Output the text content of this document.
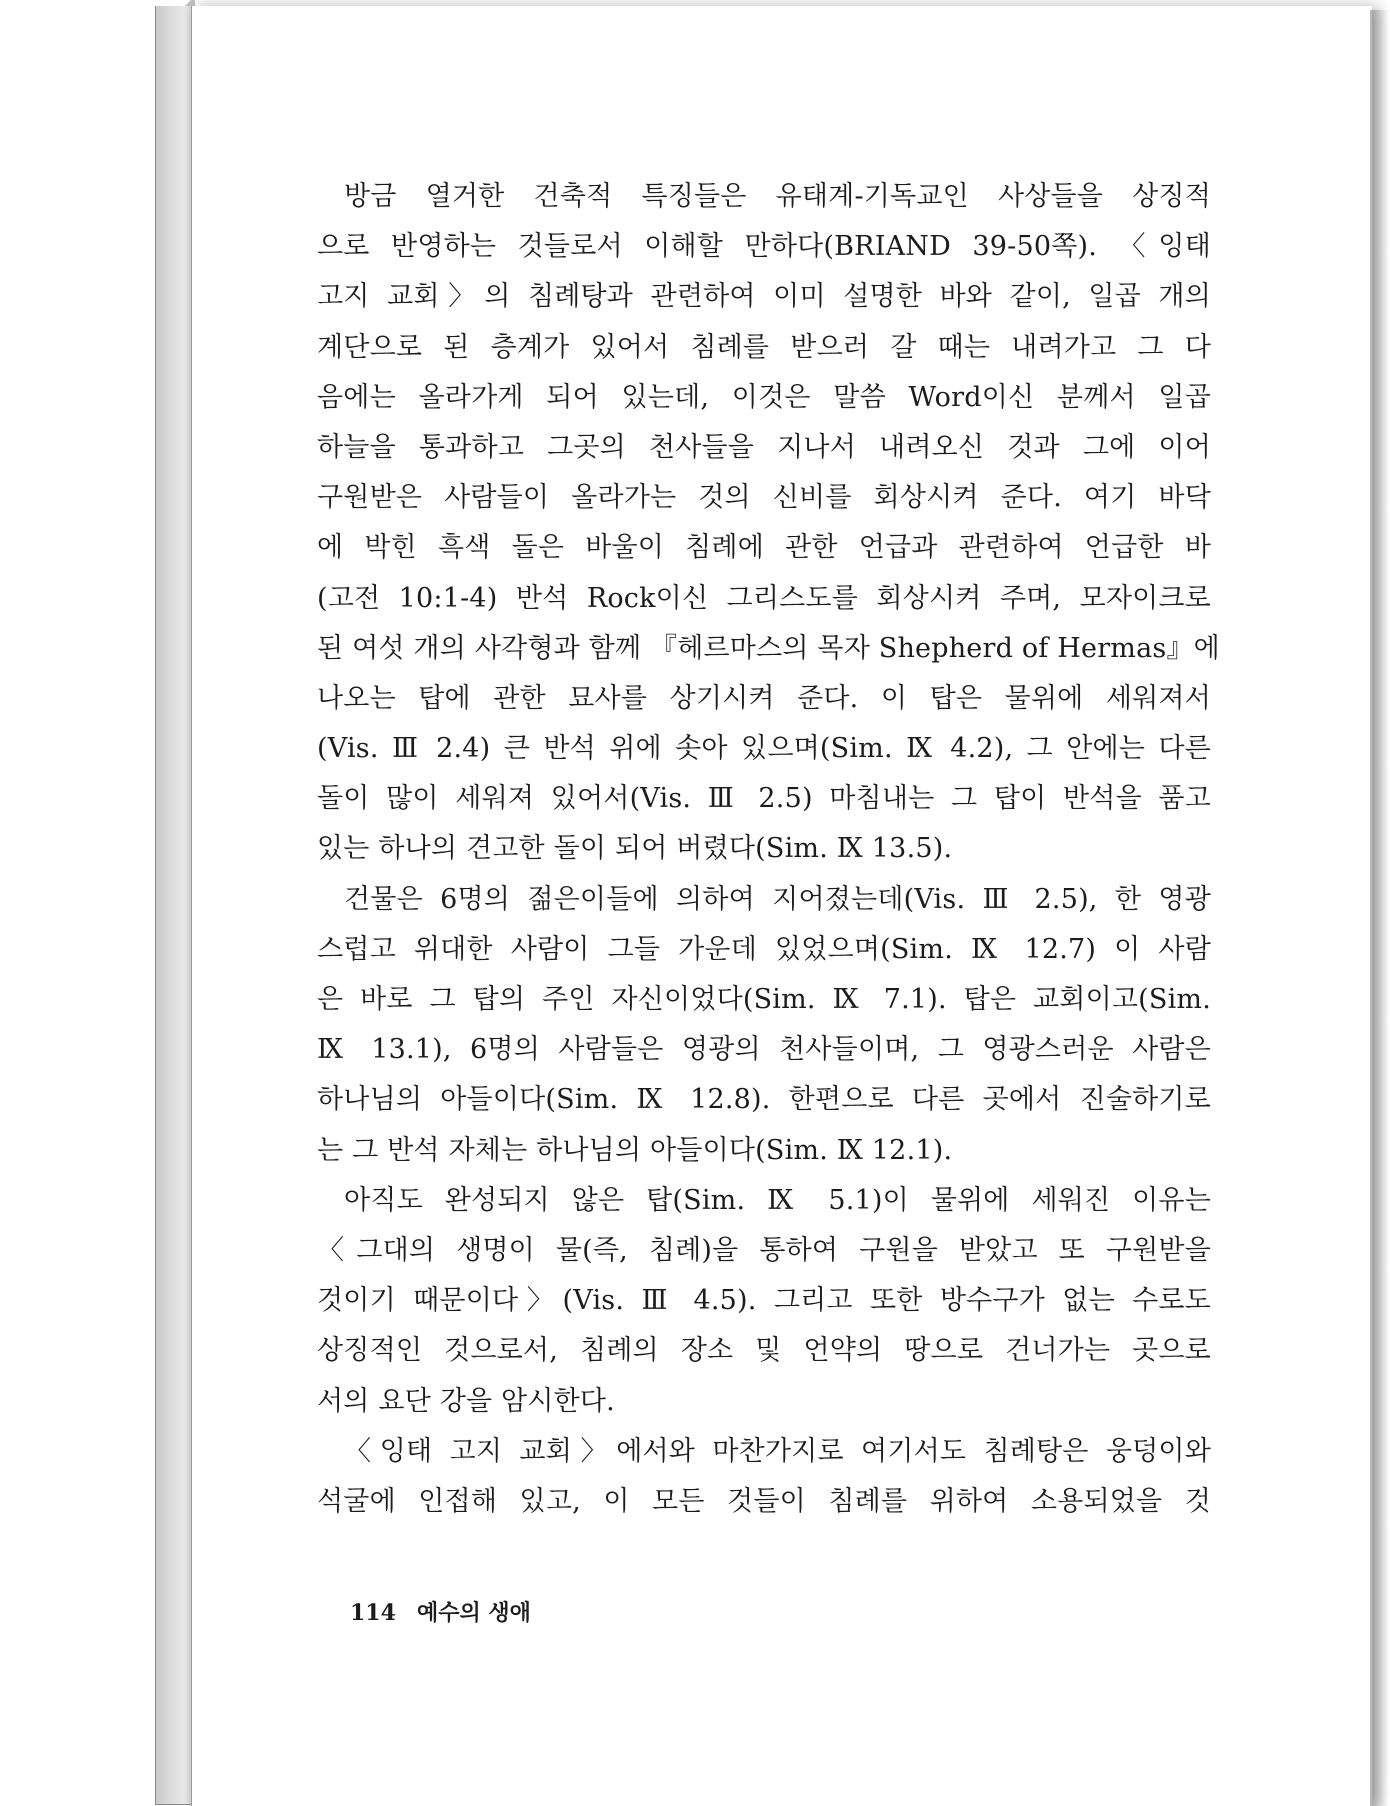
방금 열거한 건축적 특징들은 유태계-기독교인 사상들을 상징적
으로 반영하는 것들로서 이해할 만하다(BRIAND 39-50쪽). 〈잉태
고지 교회〉의 침례탕과 관련하여 이미 설명한 바와 같이, 일곱 개의
계단으로 된 층계가 있어서 침례를 받으러 갈 때는 내려가고 그 다
음에는 올라가게 되어 있는데, 이것은 말씀 Word이신 분께서 일곱
하늘을 통과하고 그곳의 천사들을 지나서 내려오신 것과 그에 이어
구원받은 사람들이 올라가는 것의 신비를 회상시켜 준다. 여기 바닥
에 박힌 흑색 돌은 바울이 침례에 관한 언급과 관련하여 언급한 바
(고전 10:1-4) 반석 Rock이신 그리스도를 회상시켜 주며, 모자이크로
된 여섯 개의 사각형과 함께 『헤르마스의 목자 Shepherd of Hermas』에
나오는 탑에 관한 묘사를 상기시켜 준다. 이 탑은 물위에 세워져서
(Vis. Ⅲ 2.4) 큰 반석 위에 솟아 있으며(Sim. Ⅸ 4.2), 그 안에는 다른
돌이 많이 세워져 있어서(Vis. Ⅲ 2.5) 마침내는 그 탑이 반석을 품고
있는 하나의 견고한 돌이 되어 버렸다(Sim. Ⅸ 13.5).
건물은 6명의 젊은이들에 의하여 지어졌는데(Vis. Ⅲ 2.5), 한 영광
스럽고 위대한 사람이 그들 가운데 있었으며(Sim. Ⅸ 12.7) 이 사람
은 바로 그 탑의 주인 자신이었다(Sim. Ⅸ 7.1). 탑은 교회이고(Sim.
Ⅸ 13.1), 6명의 사람들은 영광의 천사들이며, 그 영광스러운 사람은
하나님의 아들이다(Sim. Ⅸ 12.8). 한편으로 다른 곳에서 진술하기로
는 그 반석 자체는 하나님의 아들이다(Sim. Ⅸ 12.1).
아직도 완성되지 않은 탑(Sim. Ⅸ 5.1)이 물위에 세워진 이유는
〈그대의 생명이 물(즉, 침례)을 통하여 구원을 받았고 또 구원받을
것이기 때문이다〉(Vis. Ⅲ 4.5). 그리고 또한 방수구가 없는 수로도
상징적인 것으로서, 침례의 장소 및 언약의 땅으로 건너가는 곳으로
서의 요단 강을 암시한다.
〈잉태 고지 교회〉에서와 마찬가지로 여기서도 침례탕은 웅덩이와
석굴에 인접해 있고, 이 모든 것들이 침례를 위하여 소용되었을 것
114 예수의 생애
